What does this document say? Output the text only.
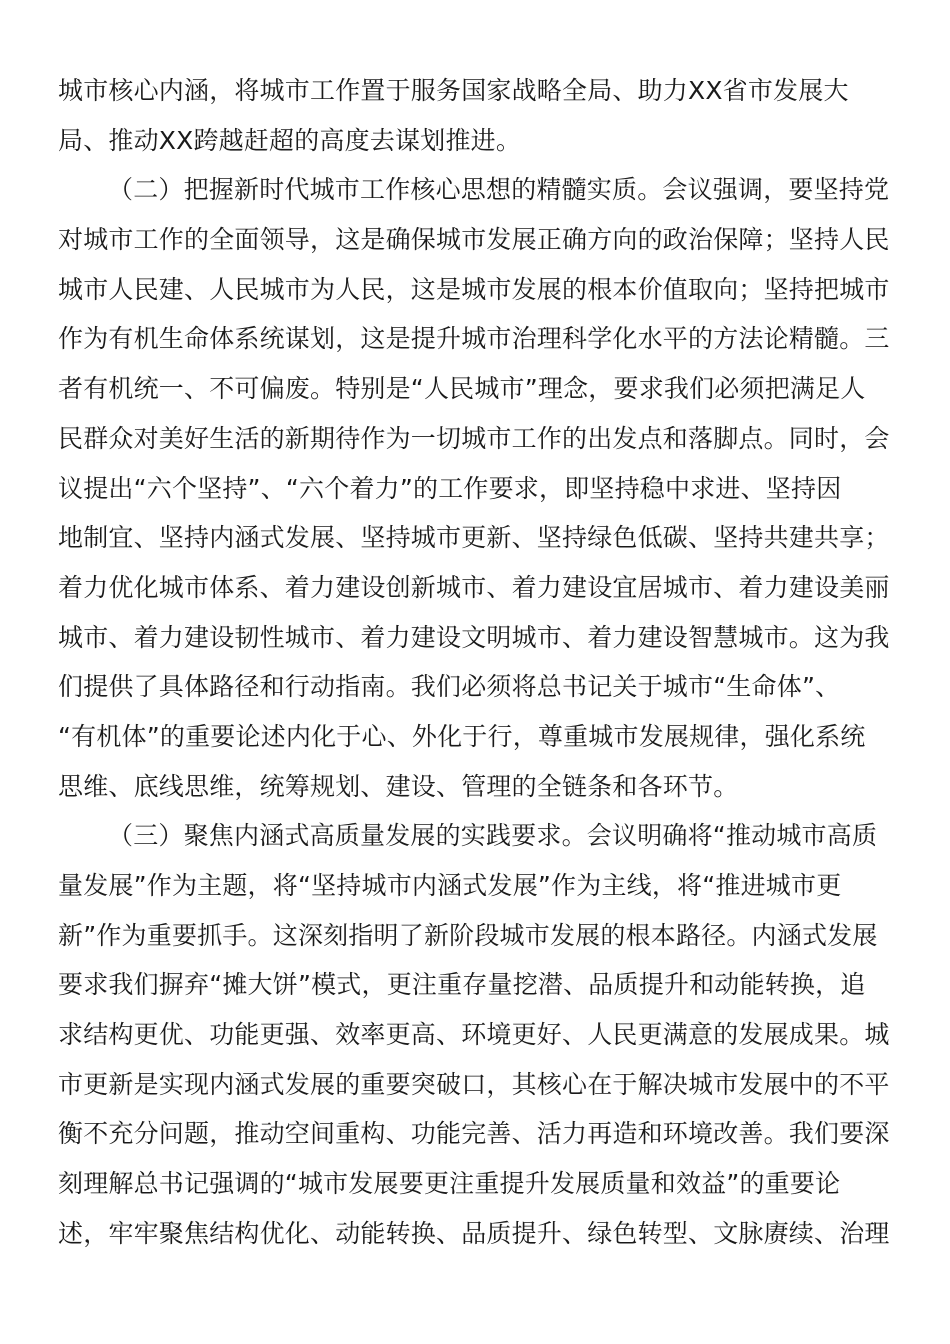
城市核心内涵，将城市工作置于服务国家战略全局、助力XX省市发展大
局、推动XX跨越赶超的高度去谋划推进。
（二）把握新时代城市工作核心思想的精髓实质。会议强调，要坚持党
对城市工作的全面领导，这是确保城市发展正确方向的政治保障；坚持人民
城市人民建、人民城市为人民，这是城市发展的根本价值取向；坚持把城市
作为有机生命体系统谋划，这是提升城市治理科学化水平的方法论精髓。三
者有机统一、不可偏废。特别是“人民城市”理念，要求我们必须把满足人
民群众对美好生活的新期待作为一切城市工作的出发点和落脚点。同时，会
议提出“六个坚持”、“六个着力”的工作要求，即坚持稳中求进、坚持因
地制宜、坚持内涵式发展、坚持城市更新、坚持绿色低碳、坚持共建共享；
着力优化城市体系、着力建设创新城市、着力建设宜居城市、着力建设美丽
城市、着力建设韧性城市、着力建设文明城市、着力建设智慧城市。这为我
们提供了具体路径和行动指南。我们必须将总书记关于城市“生命体”、
“有机体”的重要论述内化于心、外化于行，尊重城市发展规律，强化系统
思维、底线思维，统筹规划、建设、管理的全链条和各环节。
（三）聚焦内涵式高质量发展的实践要求。会议明确将“推动城市高质
量发展”作为主题，将“坚持城市内涵式发展”作为主线，将“推进城市更
新”作为重要抓手。这深刻指明了新阶段城市发展的根本路径。内涵式发展
要求我们摒弃“摊大饼”模式，更注重存量挖潜、品质提升和动能转换，追
求结构更优、功能更强、效率更高、环境更好、人民更满意的发展成果。城
市更新是实现内涵式发展的重要突破口，其核心在于解决城市发展中的不平
衡不充分问题，推动空间重构、功能完善、活力再造和环境改善。我们要深
刻理解总书记强调的“城市发展要更注重提升发展质量和效益”的重要论
述，牢牢聚焦结构优化、动能转换、品质提升、绿色转型、文脉赓续、治理
